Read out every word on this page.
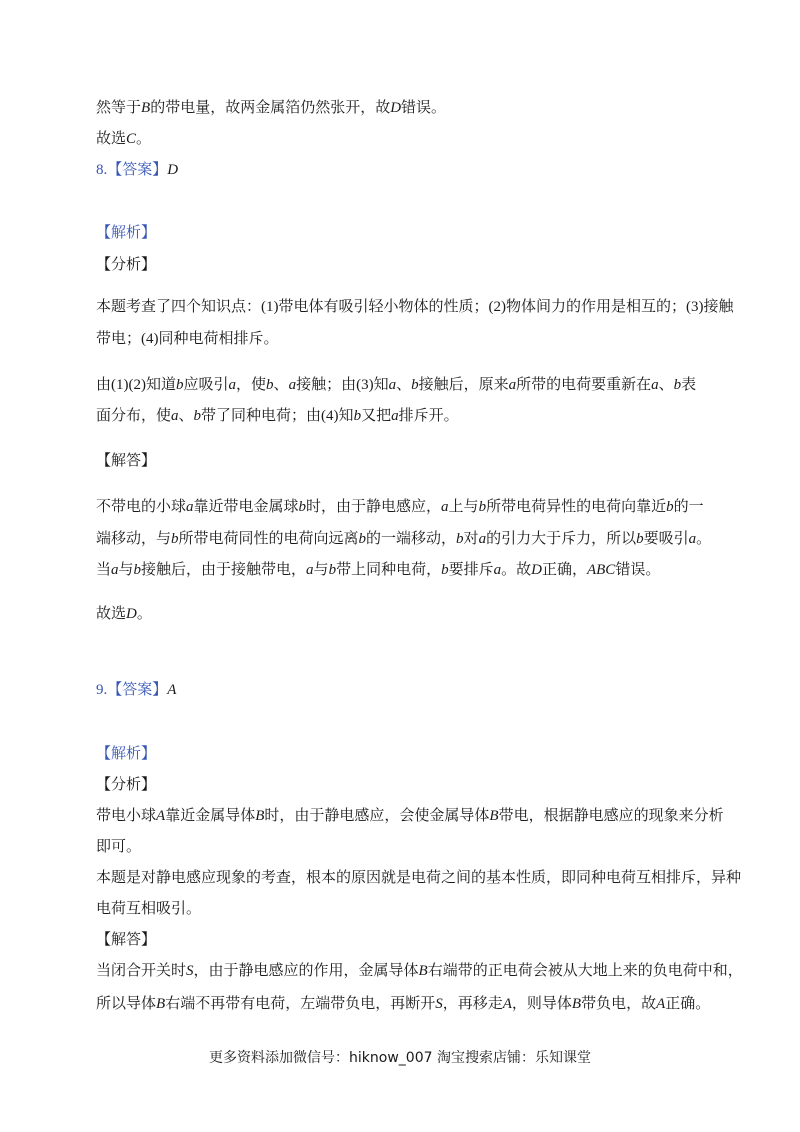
然等于B的带电量，故两金属箔仍然张开，故D错误。
故选C。
8.【答案】D
【解析】
【分析】
本题考查了四个知识点：(1)带电体有吸引轻小物体的性质；(2)物体间力的作用是相互的；(3)接触
带电；(4)同种电荷相排斥。
由(1)(2)知道b应吸引a，使b、a接触；由(3)知a、b接触后，原来a所带的电荷要重新在a、b表
面分布，使a、b带了同种电荷；由(4)知b又把a排斥开。
【解答】
不带电的小球a靠近带电金属球b时，由于静电感应，a上与b所带电荷异性的电荷向靠近b的一
端移动，与b所带电荷同性的电荷向远离b的一端移动，b对a的引力大于斥力，所以b要吸引a。
当a与b接触后，由于接触带电，a与b带上同种电荷，b要排斥a。故D正确，ABC错误。
故选D。
9.【答案】A
【解析】
【分析】
带电小球A靠近金属导体B时，由于静电感应，会使金属导体B带电，根据静电感应的现象来分析
即可。
本题是对静电感应现象的考查，根本的原因就是电荷之间的基本性质，即同种电荷互相排斥，异种
电荷互相吸引。
【解答】
当闭合开关时S，由于静电感应的作用，金属导体B右端带的正电荷会被从大地上来的负电荷中和，
所以导体B右端不再带有电荷，左端带负电，再断开S，再移走A，则导体B带负电，故A正确。
更多资料添加微信号：hiknow_007 淘宝搜索店铺：乐知课堂
